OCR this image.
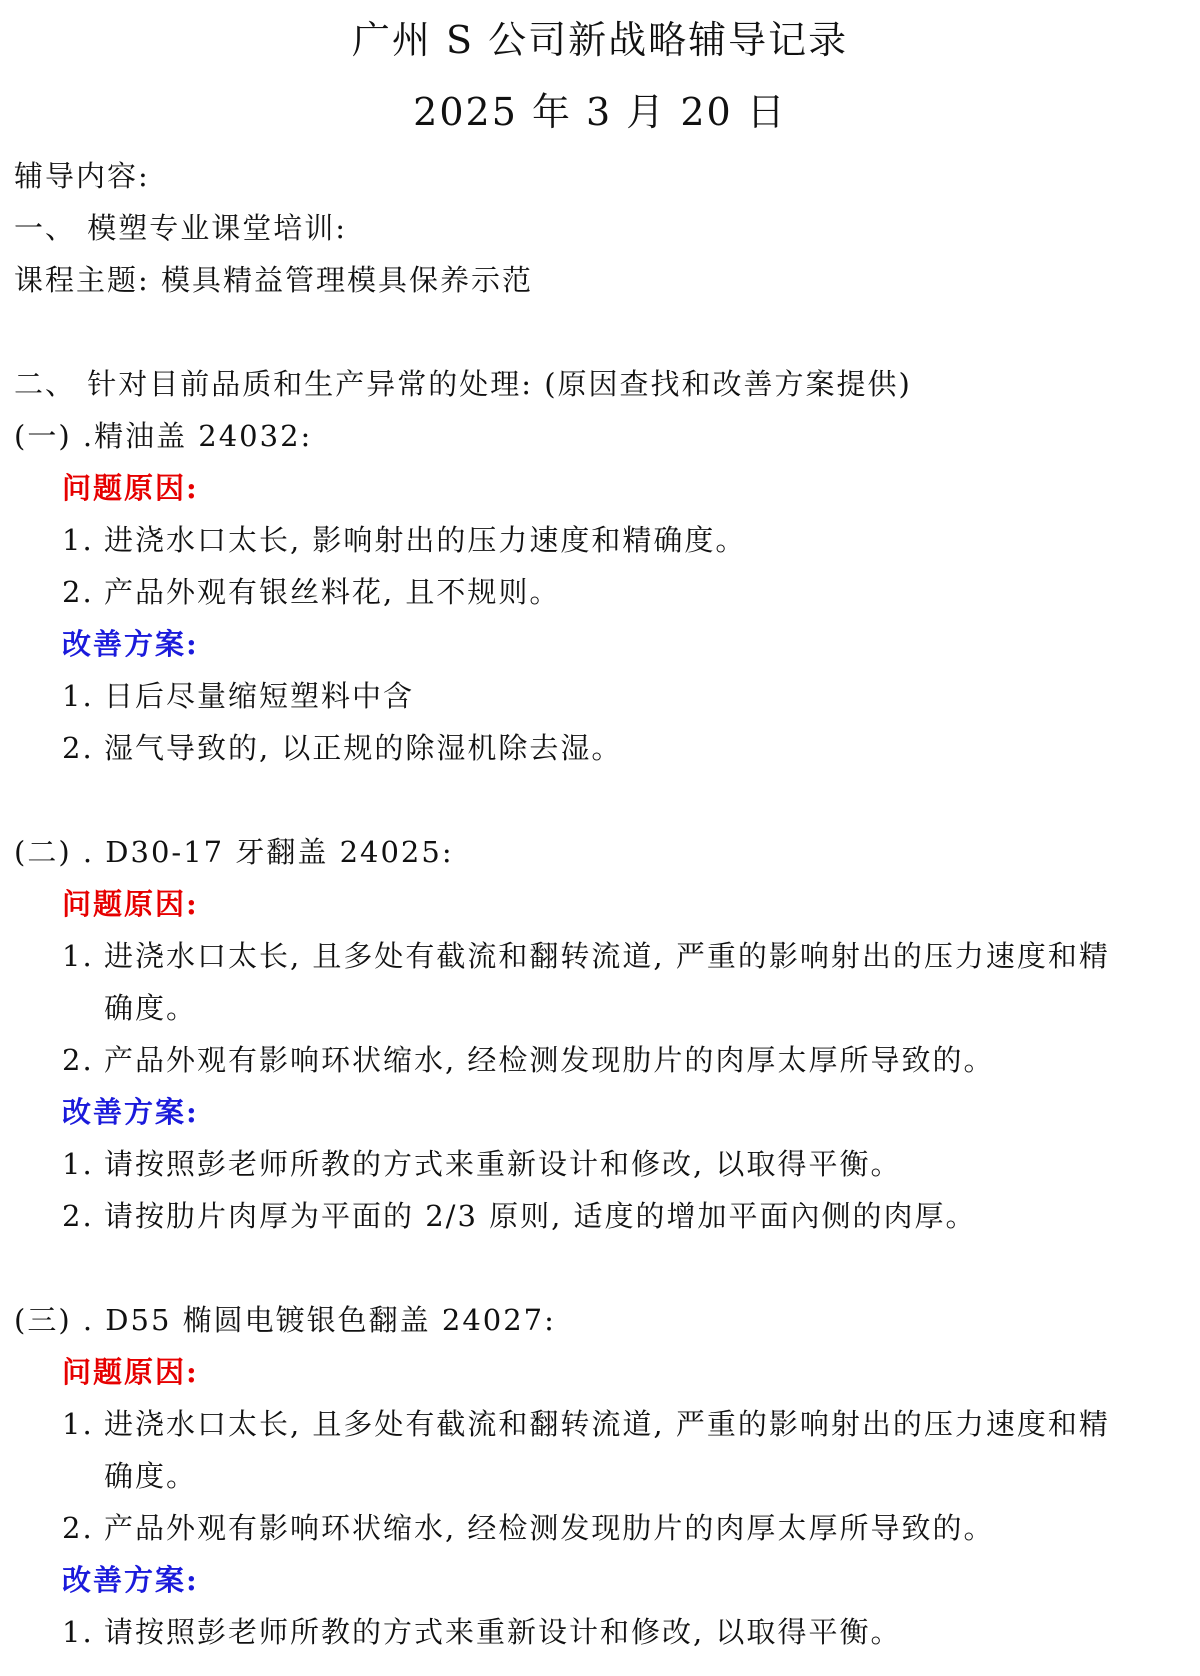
广州 S 公司新战略辅导记录
2025 年 3 月 20 日
辅导内容:
一、 模塑专业课堂培训:
课程主题: 模具精益管理模具保养示范
二、 针对目前品质和生产异常的处理: (原因查找和改善方案提供)
(一) .精油盖 24032:
问题原因:
1. 进浇水口太长, 影响射出的压力速度和精确度。
2. 产品外观有银丝料花, 且不规则。
改善方案:
1. 日后尽量缩短塑料中含
2. 湿气导致的, 以正规的除湿机除去湿。
(二) . D30-17 牙翻盖 24025:
问题原因:
1. 进浇水口太长, 且多处有截流和翻转流道, 严重的影响射出的压力速度和精确度。
2. 产品外观有影响环状缩水, 经检测发现肋片的肉厚太厚所导致的。
改善方案:
1. 请按照彭老师所教的方式来重新设计和修改, 以取得平衡。
2. 请按肋片肉厚为平面的 2/3 原则, 适度的增加平面內侧的肉厚。
(三) . D55 椭圆电镀银色翻盖 24027:
问题原因:
1. 进浇水口太长, 且多处有截流和翻转流道, 严重的影响射出的压力速度和精确度。
2. 产品外观有影响环状缩水, 经检测发现肋片的肉厚太厚所导致的。
改善方案:
1. 请按照彭老师所教的方式来重新设计和修改, 以取得平衡。
